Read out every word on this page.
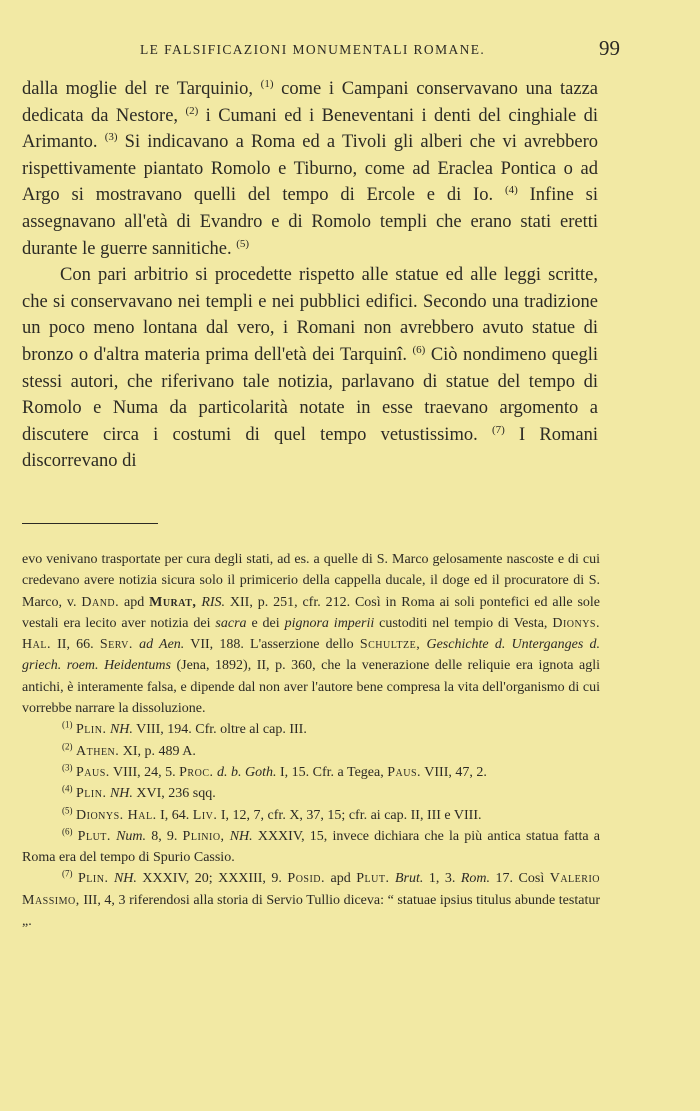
LE FALSIFICAZIONI MONUMENTALI ROMANE.	99

dalla moglie del re Tarquinio, $^{(1)}$ come i Campani conservavano una tazza dedicata da Nestore, $^{(2)}$ i Cumani ed i Beneventani i denti del cinghiale di Arimanto. $^{(3)}$ Si indicavano a Roma ed a Tivoli gli alberi che vi avrebbero rispettivamente piantato Romolo e Tiburno, come ad Eraclea Pontica o ad Argo si mostravano quelli del tempo di Ercole e di Io. $^{(4)}$ Infine si assegnavano all'età di Evandro e di Romolo templi che erano stati eretti durante le guerre sannitiche. $^{(5)}$

Con pari arbitrio si procedette rispetto alle statue ed alle leggi scritte, che si conservavano nei templi e nei pubblici edifici. Secondo una tradizione un poco meno lontana dal vero, i Romani non avrebbero avuto statue di bronzo o d'altra materia prima dell'età dei Tarquinî. $^{(6)}$ Ciò nondimeno quegli stessi autori, che riferivano tale notizia, parlavano di statue del tempo di Romolo e Numa da particolarità notate in esse traevano argomento a discutere circa i costumi di quel tempo vetustissimo. $^{(7)}$ I Romani discorrevano di

evo venivano trasportate per cura degli stati, ad es. a quelle di S. Marco gelosamente nascoste e di cui credevano avere notizia sicura solo il primicerio della cappella ducale, il doge ed il procuratore di S. Marco, v. Dand. apd Murat, RIS. XII, p. 251, cfr. 212. Così in Roma ai soli pontefici ed alle sole vestali era lecito aver notizia dei sacra e dei pignora imperii custoditi nel tempio di Vesta, Dionys. Hal. II, 66. Serv. ad Aen. VII, 188. L'asserzione dello Schultze, Geschichte d. Unterganges d. griech. roem. Heidentums (Jena, 1892), II, p. 360, che la venerazione delle reliquie era ignota agli antichi, è interamente falsa, e dipende dal non aver l'autore bene compresa la vita dell'organismo di cui vorrebbe narrare la dissoluzione.

$^{(1)}$ Plin. NH. VIII, 194. Cfr. oltre al cap. III.

$^{(2)}$ Athen. XI, p. 489 A.

$^{(3)}$ Paus. VIII, 24, 5. Proc. d. b. Goth. I, 15. Cfr. a Tegea, Paus. VIII, 47, 2.

$^{(4)}$ Plin. NH. XVI, 236 sqq.

$^{(5)}$ Dionys. Hal. I, 64. Liv. I, 12, 7, cfr. X, 37, 15; cfr. ai cap. II, III e VIII.

$^{(6)}$ Plut. Num. 8, 9. Plinio, NH. XXXIV, 15, invece dichiara che la più antica statua fatta a Roma era del tempo di Spurio Cassio.

$^{(7)}$ Plin. NH. XXXIV, 20; XXXIII, 9. Posid. apd Plut. Brut. 1, 3. Rom. 17. Così Valerio Massimo, III, 4, 3 riferendosi alla storia di Servio Tullio diceva: “ statuae ipsius titulus abunde testatur „.
